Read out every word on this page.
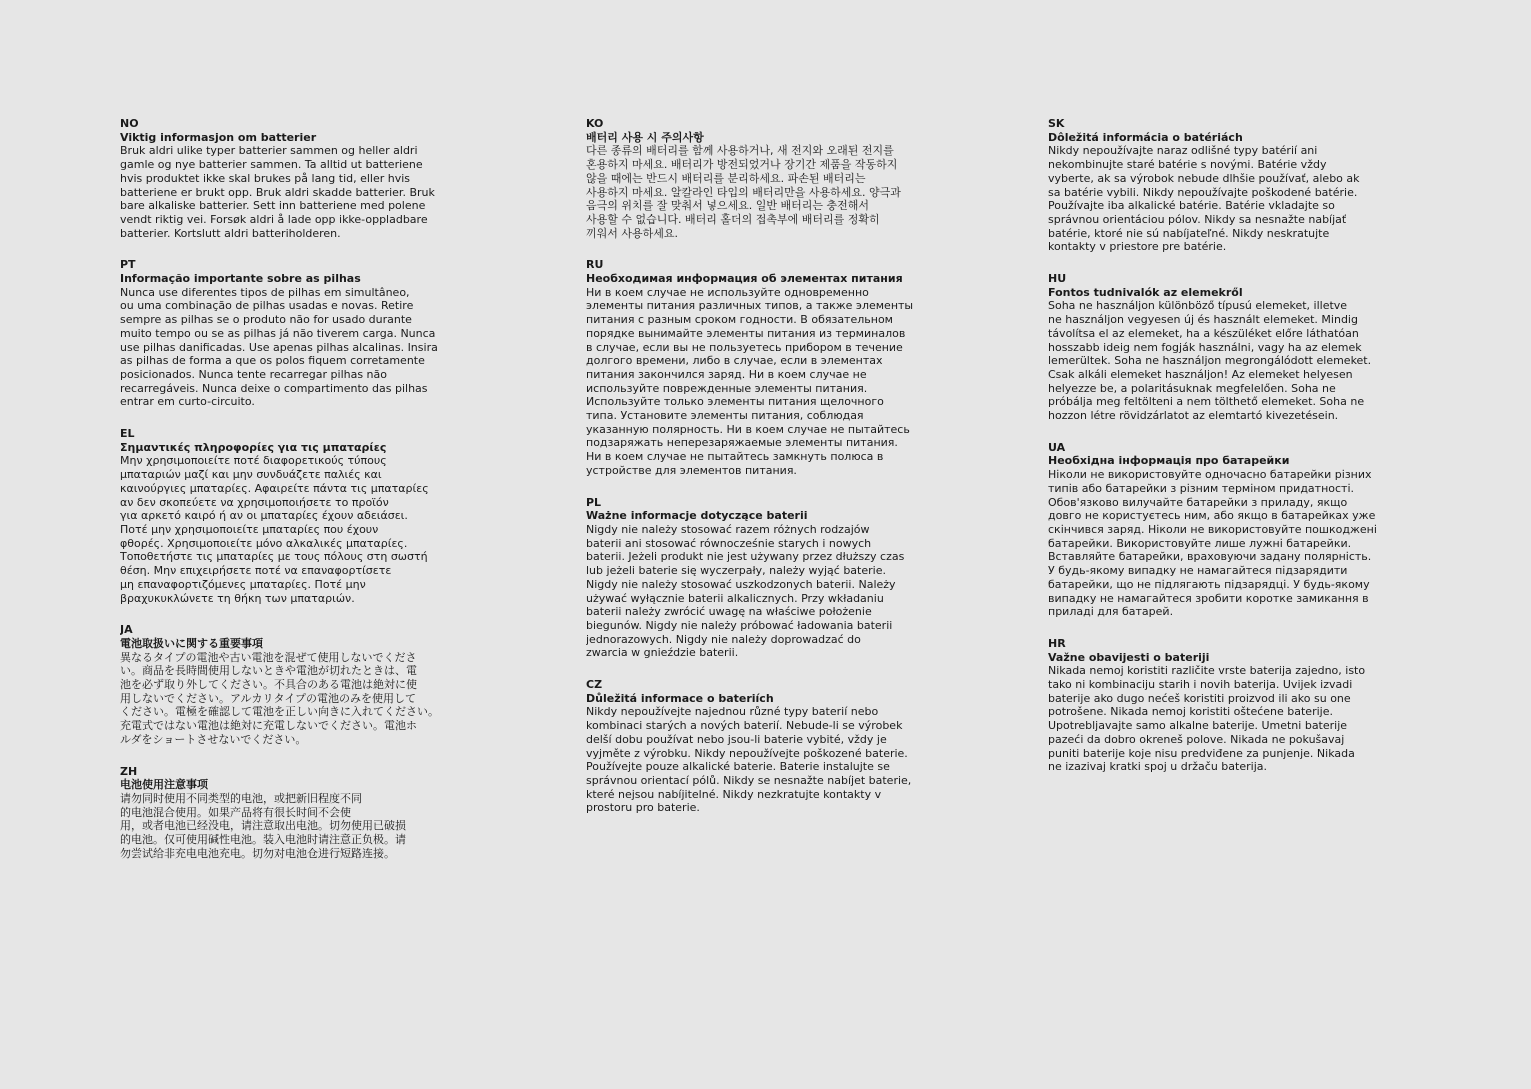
NO
Viktig informasjon om batterier
Bruk aldri ulike typer batterier sammen og heller aldri
gamle og nye batterier sammen. Ta alltid ut batteriene
hvis produktet ikke skal brukes på lang tid, eller hvis
batteriene er brukt opp. Bruk aldri skadde batterier. Bruk
bare alkaliske batterier. Sett inn batteriene med polene
vendt riktig vei. Forsøk aldri å lade opp ikke-oppladbare
batterier. Kortslutt aldri batteriholderen.
PT
Informação importante sobre as pilhas
Nunca use diferentes tipos de pilhas em simultâneo,
ou uma combinação de pilhas usadas e novas. Retire
sempre as pilhas se o produto não for usado durante
muito tempo ou se as pilhas já não tiverem carga. Nunca
use pilhas danificadas. Use apenas pilhas alcalinas. Insira
as pilhas de forma a que os polos fiquem corretamente
posicionados. Nunca tente recarregar pilhas não
recarregáveis. Nunca deixe o compartimento das pilhas
entrar em curto-circuito.
EL
Σημαντικές πληροφορίες για τις μπαταρίες
Μην χρησιμοποιείτε ποτέ διαφορετικούς τύπους
μπαταριών μαζί και μην συνδυάζετε παλιές και
καινούργιες μπαταρίες. Αφαιρείτε πάντα τις μπαταρίες
αν δεν σκοπεύετε να χρησιμοποιήσετε το προϊόν
για αρκετό καιρό ή αν οι μπαταρίες έχουν αδειάσει.
Ποτέ μην χρησιμοποιείτε μπαταρίες που έχουν
φθορές. Χρησιμοποιείτε μόνο αλκαλικές μπαταρίες.
Τοποθετήστε τις μπαταρίες με τους πόλους στη σωστή
θέση. Μην επιχειρήσετε ποτέ να επαναφορτίσετε
μη επαναφορτιζόμενες μπαταρίες. Ποτέ μην
βραχυκυκλώνετε τη θήκη των μπαταριών.
JA
電池取扱いに関する重要事項
異なるタイプの電池や古い電池を混ぜて使用しないでくださ
い。商品を長時間使用しないときや電池が切れたときは、電
池を必ず取り外してください。不具合のある電池は絶対に使
用しないでください。アルカリタイプの電池のみを使用して
ください。電極を確認して電池を正しい向きに入れてください。
充電式ではない電池は絶対に充電しないでください。電池ホ
ルダをショートさせないでください。
ZH
电池使用注意事项
请勿同时使用不同类型的电池，或把新旧程度不同
的电池混合使用。如果产品将有很长时间不会使
用，或者电池已经没电，请注意取出电池。切勿使用已破损
的电池。仅可使用碱性电池。装入电池时请注意正负极。请
勿尝试给非充电电池充电。切勿对电池仓进行短路连接。
KO
배터리 사용 시 주의사항
다른 종류의 배터리를 함께 사용하거나, 새 전지와 오래된 전지를
혼용하지 마세요. 배터리가 방전되었거나 장기간 제품을 작동하지
않을 때에는 반드시 배터리를 분리하세요. 파손된 배터리는
사용하지 마세요. 알칼라인 타입의 배터리만을 사용하세요. 양극과
음극의 위치를 잘 맞춰서 넣으세요. 일반 배터리는 충전해서
사용할 수 없습니다. 배터리 홀더의 접촉부에 배터리를 정확히
끼워서 사용하세요.
RU
Необходимая информация об элементах питания
Ни в коем случае не используйте одновременно
элементы питания различных типов, а также элементы
питания с разным сроком годности. В обязательном
порядке вынимайте элементы питания из терминалов
в случае, если вы не пользуетесь прибором в течение
долгого времени, либо в случае, если в элементах
питания закончился заряд. Ни в коем случае не
используйте поврежденные элементы питания.
Используйте только элементы питания щелочного
типа. Установите элементы питания, соблюдая
указанную полярность. Ни в коем случае не пытайтесь
подзаряжать неперезаряжаемые элементы питания.
Ни в коем случае не пытайтесь замкнуть полюса в
устройстве для элементов питания.
PL
Ważne informacje dotyczące baterii
Nigdy nie należy stosować razem różnych rodzajów
baterii ani stosować równocześnie starych i nowych
baterii. Jeżeli produkt nie jest używany przez dłuższy czas
lub jeżeli baterie się wyczerpały, należy wyjąć baterie.
Nigdy nie należy stosować uszkodzonych baterii. Należy
używać wyłącznie baterii alkalicznych. Przy wkładaniu
baterii należy zwrócić uwagę na właściwe położenie
biegunów. Nigdy nie należy próbować ładowania baterii
jednorazowych. Nigdy nie należy doprowadzać do
zwarcia w gnieździe baterii.
CZ
Důležitá informace o bateriích
Nikdy nepoužívejte najednou různé typy baterií nebo
kombinaci starých a nových baterií. Nebude-li se výrobek
delší dobu používat nebo jsou-li baterie vybité, vždy je
vyjměte z výrobku. Nikdy nepoužívejte poškozené baterie.
Používejte pouze alkalické baterie. Baterie instalujte se
správnou orientací pólů. Nikdy se nesnažte nabíjet baterie,
které nejsou nabíjitelné. Nikdy nezkratujte kontakty v
prostoru pro baterie.
SK
Dôležitá informácia o batériách
Nikdy nepoužívajte naraz odlišné typy batérií ani
nekombinujte staré batérie s novými. Batérie vždy
vyberte, ak sa výrobok nebude dlhšie používať, alebo ak
sa batérie vybili. Nikdy nepoužívajte poškodené batérie.
Používajte iba alkalické batérie. Batérie vkladajte so
správnou orientáciou pólov. Nikdy sa nesnažte nabíjať
batérie, ktoré nie sú nabíjateľné. Nikdy neskratujte
kontakty v priestore pre batérie.
HU
Fontos tudnivalók az elemekről
Soha ne használjon különböző típusú elemeket, illetve
ne használjon vegyesen új és használt elemeket. Mindig
távolítsa el az elemeket, ha a készüléket előre láthatóan
hosszabb ideig nem fogják használni, vagy ha az elemek
lemerültek. Soha ne használjon megrongálódott elemeket.
Csak alkáli elemeket használjon! Az elemeket helyesen
helyezze be, a polaritásuknak megfelelően. Soha ne
próbálja meg feltölteni a nem tölthető elemeket. Soha ne
hozzon létre rövidzárlatot az elemtartó kivezetésein.
UA
Необхідна інформація про батарейки
Ніколи не використовуйте одночасно батарейки різних
типів або батарейки з різним терміном придатності.
Обов'язково вилучайте батарейки з приладу, якщо
довго не користуєтесь ним, або якщо в батарейках уже
скінчився заряд. Ніколи не використовуйте пошкоджені
батарейки. Використовуйте лише лужні батарейки.
Вставляйте батарейки, враховуючи задану полярність.
У будь-якому випадку не намагайтеся підзарядити
батарейки, що не підлягають підзарядці. У будь-якому
випадку не намагайтеся зробити коротке замикання в
приладі для батарей.
HR
Važne obavijesti o bateriji
Nikada nemoj koristiti različite vrste baterija zajedno, isto
tako ni kombinaciju starih i novih baterija. Uvijek izvadi
baterije ako dugo nećeš koristiti proizvod ili ako su one
potrošene. Nikada nemoj koristiti oštećene baterije.
Upotrebljavajte samo alkalne baterije. Umetni baterije
pazeći da dobro okreneš polove. Nikada ne pokušavaj
puniti baterije koje nisu predviđene za punjenje. Nikada
ne izazivaj kratki spoj u držaču baterija.
